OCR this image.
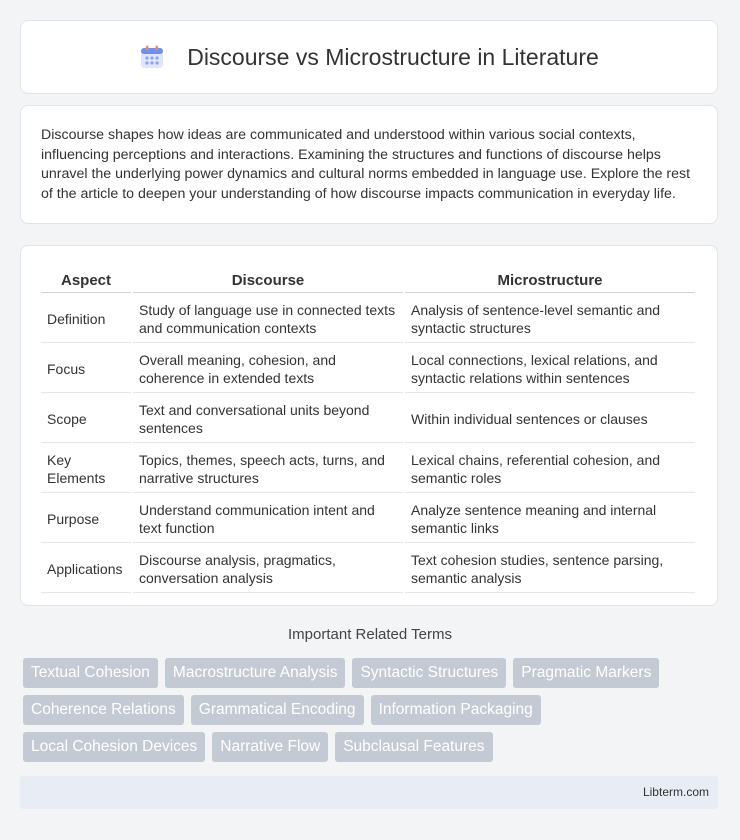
Discourse vs Microstructure in Literature

Discourse shapes how ideas are communicated and understood within various social contexts, influencing perceptions and interactions. Examining the structures and functions of discourse helps unravel the underlying power dynamics and cultural norms embedded in language use. Explore the rest of the article to deepen your understanding of how discourse impacts communication in everyday life.

Aspect	Discourse	Microstructure
Definition	Study of language use in connected texts and communication contexts	Analysis of sentence-level semantic and syntactic structures
Focus	Overall meaning, cohesion, and coherence in extended texts	Local connections, lexical relations, and syntactic relations within sentences
Scope	Text and conversational units beyond sentences	Within individual sentences or clauses
Key Elements	Topics, themes, speech acts, turns, and narrative structures	Lexical chains, referential cohesion, and semantic roles
Purpose	Understand communication intent and text function	Analyze sentence meaning and internal semantic links
Applications	Discourse analysis, pragmatics, conversation analysis	Text cohesion studies, sentence parsing, semantic analysis
Important Related Terms
Textual Cohesion	Macrostructure Analysis	Syntactic Structures	Pragmatic Markers
Coherence Relations	Grammatical Encoding	Information Packaging
Local Cohesion Devices	Narrative Flow	Subclausal Features
Libterm.com
